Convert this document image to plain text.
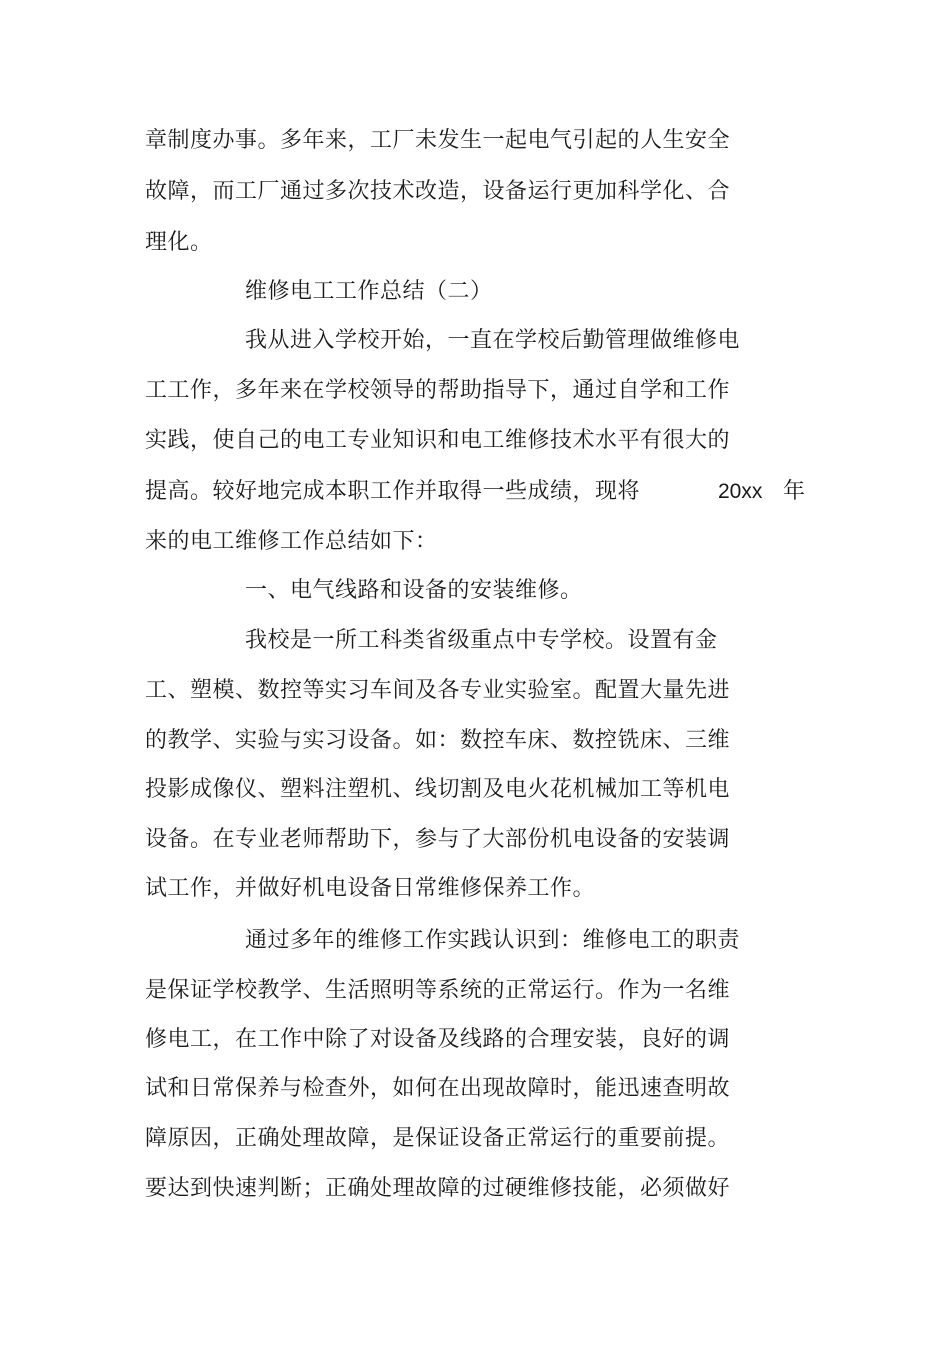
章制度办事。多年来，工厂未发生一起电气引起的人生安全
故障，而工厂通过多次技术改造，设备运行更加科学化、合
理化。
维修电工工作总结（二）
我从进入学校开始，一直在学校后勤管理做维修电
工工作，多年来在学校领导的帮助指导下，通过自学和工作
实践，使自己的电工专业知识和电工维修技术水平有很大的
提高。较好地完成本职工作并取得一些成绩，现将	20xx 年
来的电工维修工作总结如下：
一、电气线路和设备的安装维修。
我校是一所工科类省级重点中专学校。设置有金
工、塑模、数控等实习车间及各专业实验室。配置大量先进
的教学、实验与实习设备。如：数控车床、数控铣床、三维
投影成像仪、塑料注塑机、线切割及电火花机械加工等机电
设备。在专业老师帮助下，参与了大部份机电设备的安装调
试工作，并做好机电设备日常维修保养工作。
通过多年的维修工作实践认识到：维修电工的职责
是保证学校教学、生活照明等系统的正常运行。作为一名维
修电工，在工作中除了对设备及线路的合理安装，良好的调
试和日常保养与检查外，如何在出现故障时，能迅速查明故
障原因，正确处理故障，是保证设备正常运行的重要前提。
要达到快速判断；正确处理故障的过硬维修技能，必须做好
